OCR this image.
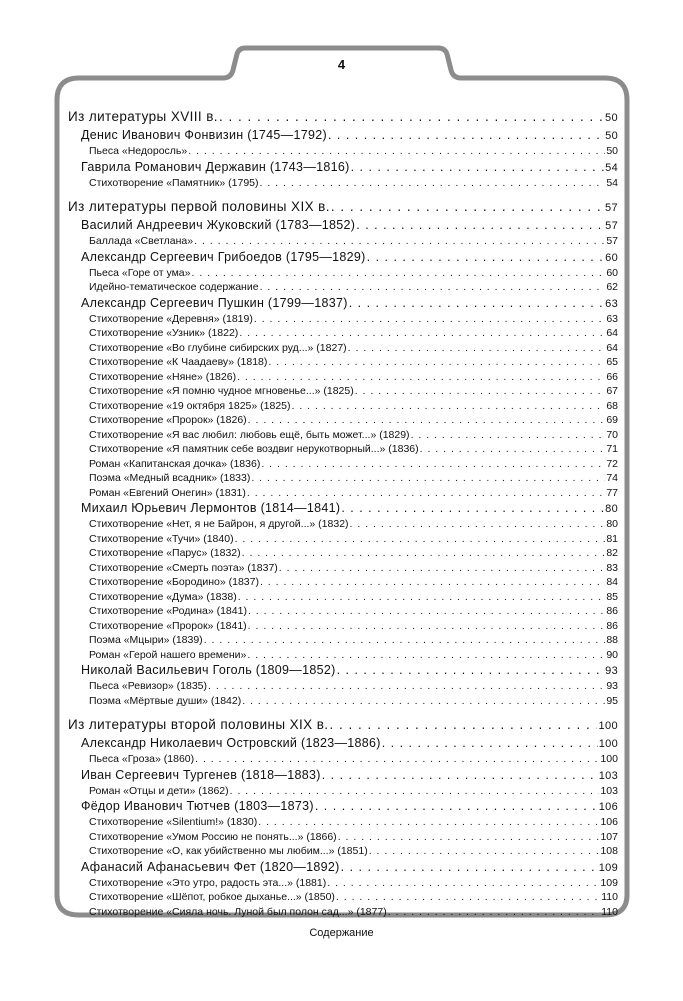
4
Из литературы XVIII в. . . .	50
Денис Иванович Фонвизин (1745—1792) . . .	50
Пьеса «Недоросль» . . .	50
Гаврила Романович Державин (1743—1816) . . .	54
Стихотворение «Памятник» (1795) . . .	54
Из литературы первой половины XIX в. . . .	57
Василий Андреевич Жуковский (1783—1852) . . .	57
Баллада «Светлана» . . .	57
Александр Сергеевич Грибоедов (1795—1829) . . .	60
Пьеса «Горе от ума» . . .	60
Идейно-тематическое содержание . . .	62
Александр Сергеевич Пушкин (1799—1837) . . .	63
Стихотворение «Деревня» (1819) . . .	63
Стихотворение «Узник» (1822) . . .	64
Стихотворение «Во глубине сибирских руд...» (1827) . . .	64
Стихотворение «К Чаадаеву» (1818) . . .	65
Стихотворение «Няне» (1826) . . .	66
Стихотворение «Я помню чудное мгновенье...» (1825) . . .	67
Стихотворение «19 октября 1825» (1825) . . .	68
Стихотворение «Пророк» (1826) . . .	69
Стихотворение «Я вас любил: любовь ещё, быть может...» (1829) . . .	70
Стихотворение «Я памятник себе воздвиг нерукотворный...» (1836) . . .	71
Роман «Капитанская дочка» (1836) . . .	72
Поэма «Медный всадник» (1833) . . .	74
Роман «Евгений Онегин» (1831) . . .	77
Михаил Юрьевич Лермонтов (1814—1841) . . .	80
Стихотворение «Нет, я не Байрон, я другой...» (1832) . . .	80
Стихотворение «Тучи» (1840) . . .	81
Стихотворение «Парус» (1832) . . .	82
Стихотворение «Смерть поэта» (1837) . . .	83
Стихотворение «Бородино» (1837) . . .	84
Стихотворение «Дума» (1838) . . .	85
Стихотворение «Родина» (1841) . . .	86
Стихотворение «Пророк» (1841) . . .	86
Поэма «Мцыри» (1839) . . .	88
Роман «Герой нашего времени» . . .	90
Николай Васильевич Гоголь (1809—1852) . . .	93
Пьеса «Ревизор» (1835) . . .	93
Поэма «Мёртвые души» (1842) . . .	95
Из литературы второй половины XIX в. . . .	100
Александр Николаевич Островский (1823—1886) . . .	100
Пьеса «Гроза» (1860) . . .	100
Иван Сергеевич Тургенев (1818—1883) . . .	103
Роман «Отцы и дети» (1862) . . .	103
Фёдор Иванович Тютчев (1803—1873) . . .	106
Стихотворение «Silentium!» (1830) . . .	106
Стихотворение «Умом Россию не понять...» (1866) . . .	107
Стихотворение «О, как убийственно мы любим...» (1851) . . .	108
Афанасий Афанасьевич Фет (1820—1892) . . .	109
Стихотворение «Это утро, радость эта...» (1881) . . .	109
Стихотворение «Шёпот, робкое дыханье...» (1850) . . .	110
Стихотворение «Сияла ночь. Луной был полон сад...» (1877) . . .	110
Содержание
